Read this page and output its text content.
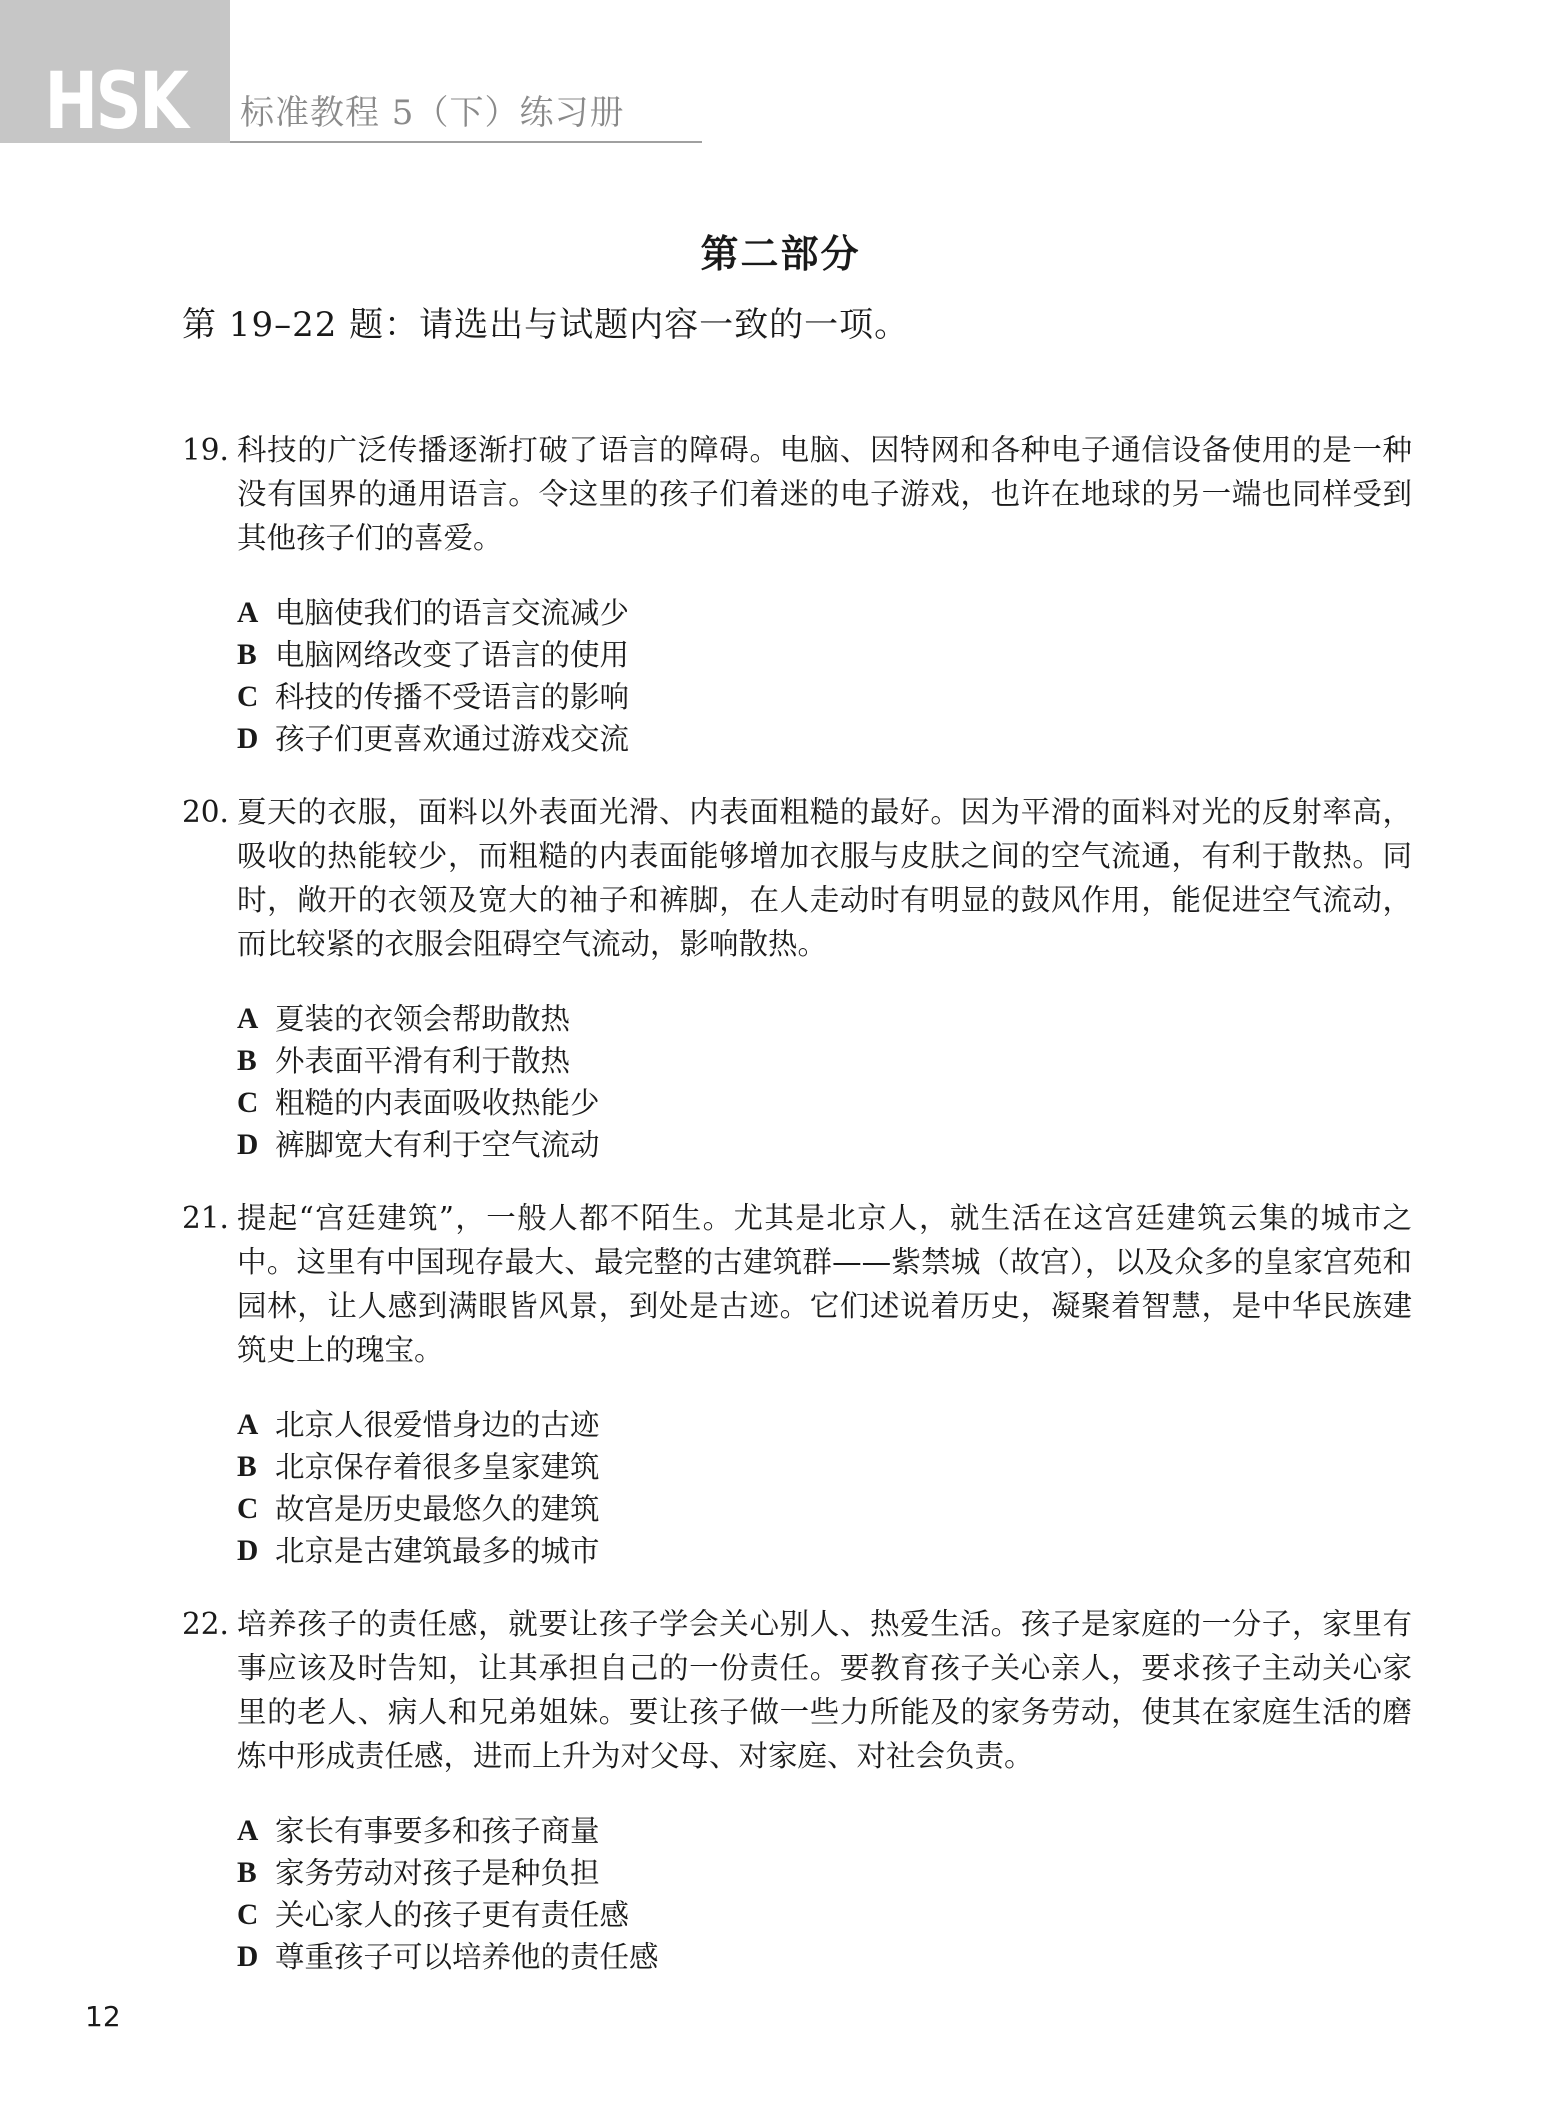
HSK 标准教程 5（下）练习册
第二部分
第 19–22 题：请选出与试题内容一致的一项。
19. 科技的广泛传播逐渐打破了语言的障碍。电脑、因特网和各种电子通信设备使用的是一种没有国界的通用语言。令这里的孩子们着迷的电子游戏，也许在地球的另一端也同样受到其他孩子们的喜爱。
A 电脑使我们的语言交流减少
B 电脑网络改变了语言的使用
C 科技的传播不受语言的影响
D 孩子们更喜欢通过游戏交流
20. 夏天的衣服，面料以外表面光滑、内表面粗糙的最好。因为平滑的面料对光的反射率高，吸收的热能较少，而粗糙的内表面能够增加衣服与皮肤之间的空气流通，有利于散热。同时，敞开的衣领及宽大的袖子和裤脚，在人走动时有明显的鼓风作用，能促进空气流动，而比较紧的衣服会阻碍空气流动，影响散热。
A 夏装的衣领会帮助散热
B 外表面平滑有利于散热
C 粗糙的内表面吸收热能少
D 裤脚宽大有利于空气流动
21. 提起“宫廷建筑”，一般人都不陌生。尤其是北京人，就生活在这宫廷建筑云集的城市之中。这里有中国现存最大、最完整的古建筑群——紫禁城（故宫），以及众多的皇家宫苑和园林，让人感到满眼皆风景，到处是古迹。它们述说着历史，凝聚着智慧，是中华民族建筑史上的瑰宝。
A 北京人很爱惜身边的古迹
B 北京保存着很多皇家建筑
C 故宫是历史最悠久的建筑
D 北京是古建筑最多的城市
22. 培养孩子的责任感，就要让孩子学会关心别人、热爱生活。孩子是家庭的一分子，家里有事应该及时告知，让其承担自己的一份责任。要教育孩子关心亲人，要求孩子主动关心家里的老人、病人和兄弟姐妹。要让孩子做一些力所能及的家务劳动，使其在家庭生活的磨炼中形成责任感，进而上升为对父母、对家庭、对社会负责。
A 家长有事要多和孩子商量
B 家务劳动对孩子是种负担
C 关心家人的孩子更有责任感
D 尊重孩子可以培养他的责任感
12
